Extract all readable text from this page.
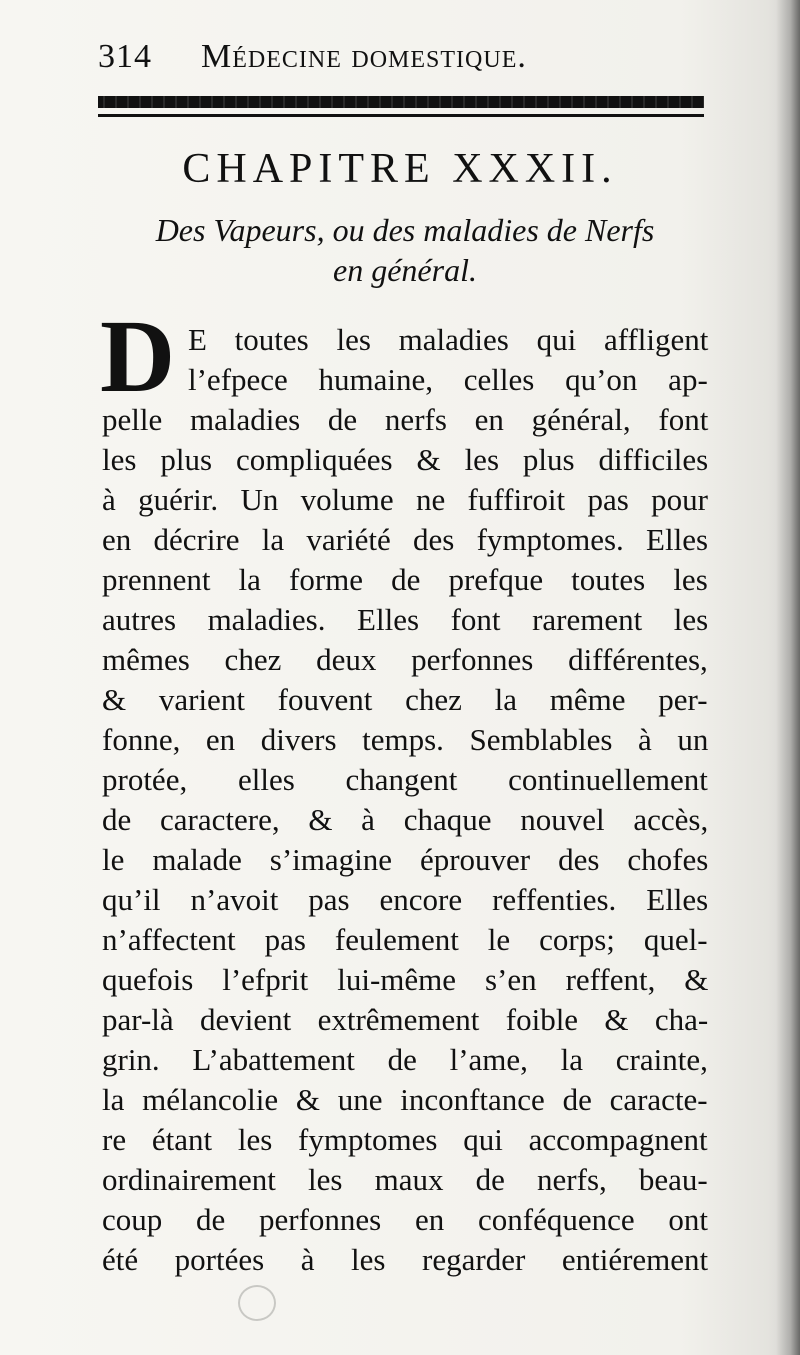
314 Médecine domestique.
CHAPITRE XXXII.
Des Vapeurs, ou des maladies de Nerfs
en général.
D E toutes les maladies qui affligent
l’efpece humaine, celles qu’on ap-
pelle maladies de nerfs en général, font
les plus compliquées & les plus difficiles
à guérir. Un volume ne fuffiroit pas pour
en décrire la variété des fymptomes. Elles
prennent la forme de prefque toutes les
autres maladies. Elles font rarement les
mêmes chez deux perfonnes différentes,
& varient fouvent chez la même per-
fonne, en divers temps. Semblables à un
protée, elles changent continuellement
de caractere, & à chaque nouvel accès,
le malade s’imagine éprouver des chofes
qu’il n’avoit pas encore reffenties. Elles
n’affectent pas feulement le corps; quel-
quefois l’efprit lui-même s’en reffent, &
par-là devient extrêmement foible & cha-
grin. L’abattement de l’ame, la crainte,
la mélancolie & une inconftance de caracte-
re étant les fymptomes qui accompagnent
ordinairement les maux de nerfs, beau-
coup de perfonnes en conféquence ont
été portées à les regarder entiérement
